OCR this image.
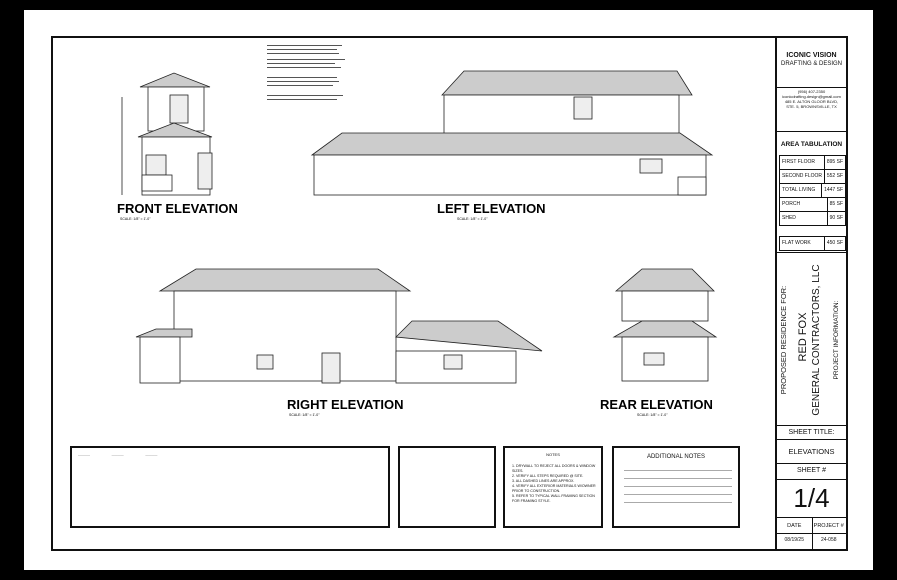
FRONT ELEVATION
SCALE: 1/8" = 1'-0"
LEFT ELEVATION
SCALE: 1/8" = 1'-0"
RIGHT ELEVATION
SCALE: 1/8" = 1'-0"
REAR ELEVATION
SCALE: 1/8" = 1'-0"
————                          ————                          ————	NOTES
1. DRYWALL TO REJECT ALL DOORS & WINDOW SIZES.
2. VERIFY ALL STEPS REQUIRED @ SITE.
3. ALL DASHED LINES ARE APPROX.
4. VERIFY ALL EXTERIOR MATERIALS W/OWNER PRIOR TO CONSTRUCTION.
5. REFER TO TYPICAL WALL FRAMING SECTION FOR FRAMING STYLE.
ADDITIONAL NOTES
ICONIC VISION
DRAFTING & DESIGN
(956) 407-2350
iconicdrafting.design@gmail.com
485 E. ALTON GLOOR BLVD,
STE. 5, BROWNSVILLE, TX
AREA TABULATION
FIRST FLOOR	895 SF
SECOND FLOOR 552 SF
TOTAL LIVING	1447 SF
PORCH	85 SF
SHED	90 SF
FLAT WORK	450 SF
PROPOSED RESIDENCE FOR: RED FOX GENERAL CONTRACTORS, LLC PROJECT INFORMATION:
SHEET TITLE:
ELEVATIONS
SHEET #
1/4
DATE	PROJECT #
08/19/25	24-058
